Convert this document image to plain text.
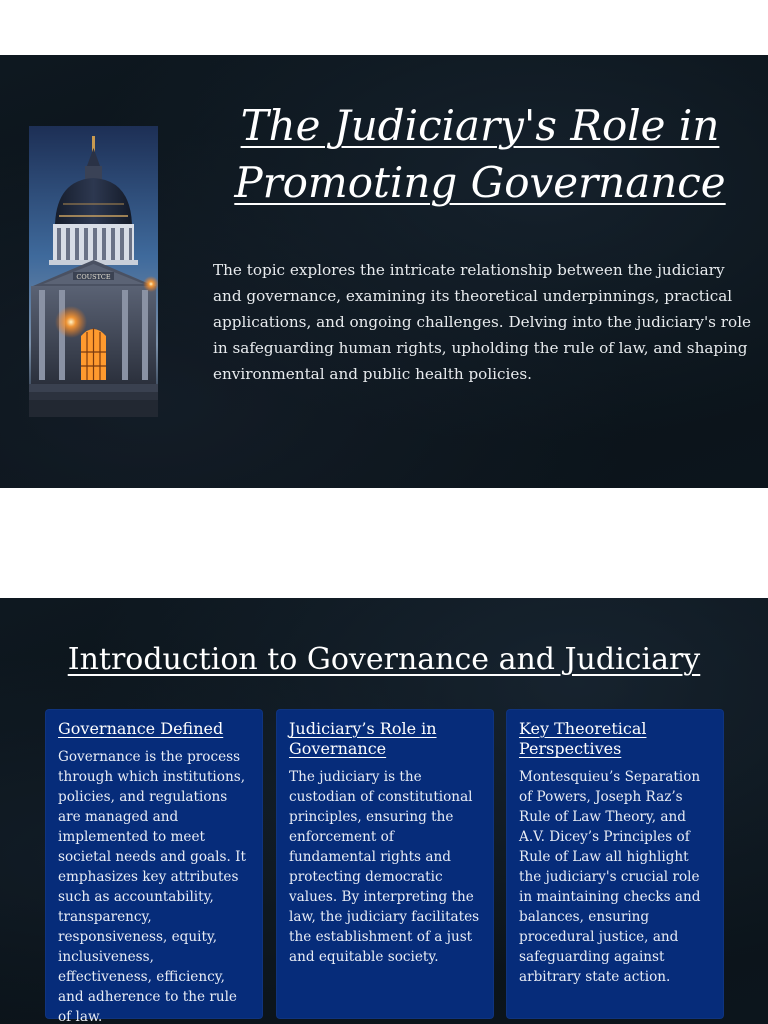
COUSTCE
The Judiciary's Role in Promoting Governance

The topic explores the intricate relationship between the judiciary and governance, examining its theoretical underpinnings, practical applications, and ongoing challenges. Delving into the judiciary's role in safeguarding human rights, upholding the rule of law, and shaping environmental and public health policies.

Introduction to Governance and Judiciary
Governance Defined

Governance is the process through which institutions, policies, and regulations are managed and implemented to meet societal needs and goals. It emphasizes key attributes such as accountability, transparency, responsiveness, equity, inclusiveness, effectiveness, efficiency, and adherence to the rule of law.

Judiciary’s Role in Governance

The judiciary is the custodian of constitutional principles, ensuring the enforcement of fundamental rights and protecting democratic values. By interpreting the law, the judiciary facilitates the establishment of a just and equitable society.

Key Theoretical Perspectives

Montesquieu’s Separation of Powers, Joseph Raz’s Rule of Law Theory, and A.V. Dicey’s Principles of Rule of Law all highlight the judiciary's crucial role in maintaining checks and balances, ensuring procedural justice, and safeguarding against arbitrary state action.
